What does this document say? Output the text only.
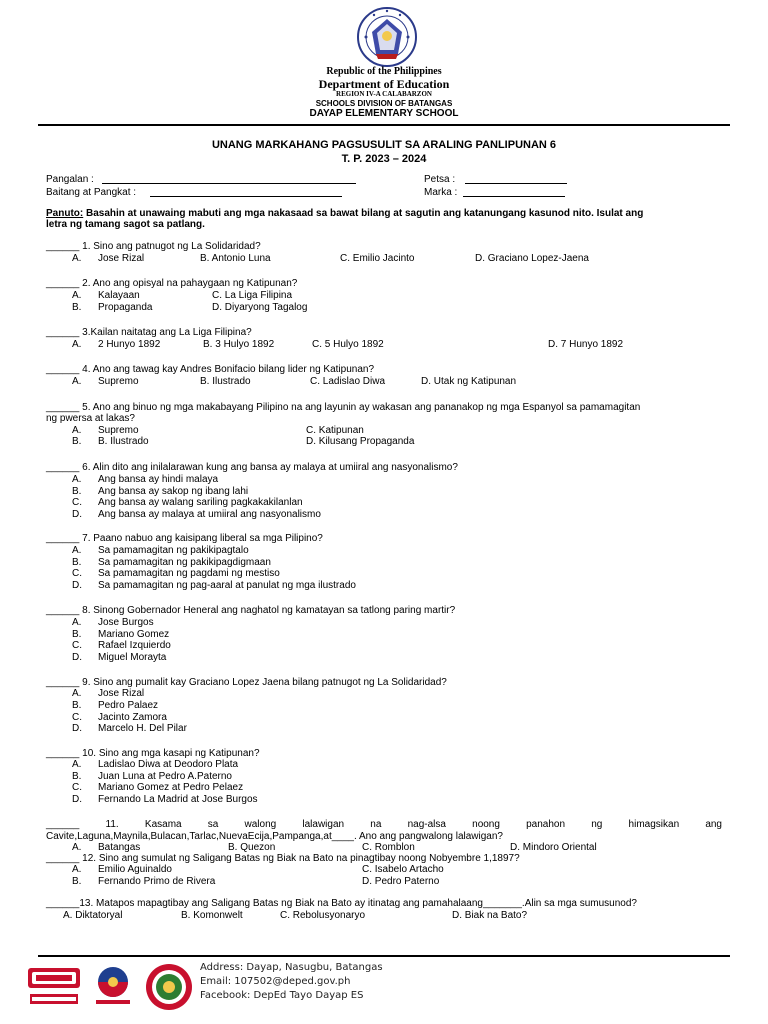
Republic of the Philippines
Department of Education
REGION IV-A CALABARZON
SCHOOLS DIVISION OF BATANGAS
DAYAP ELEMENTARY SCHOOL
UNANG MARKAHANG PAGSUSULIT SA ARALING PANLIPUNAN 6
T. P. 2023 – 2024
Pangalan :
Baitang at Pangkat :
Petsa :
Marka :
Panuto: Basahin at unawaing mabuti ang mga nakasaad sa bawat bilang at sagutin ang katanungang kasunod nito. Isulat ang
letra ng tamang sagot sa patlang.
______ 1. Sino ang patnugot ng La Solidaridad?
A. Jose Rizal	B. Antonio Luna	C. Emilio Jacinto	D. Graciano Lopez-Jaena
______ 2. Ano ang opisyal na pahaygaan ng Katipunan?
A. Kalayaan	C. La Liga Filipina
B. Propaganda	D. Diyaryong Tagalog
______ 3.Kailan naitatag ang La Liga Filipina?
A. 2 Hunyo 1892	B. 3 Hulyo 1892	C. 5 Hulyo 1892	D. 7 Hunyo 1892
______ 4. Ano ang tawag kay Andres Bonifacio bilang lider ng Katipunan?
A. Supremo	B. Ilustrado	C. Ladislao Diwa	D. Utak ng Katipunan
______ 5. Ano ang binuo ng mga makabayang Pilipino na ang layunin ay wakasan ang pananakop ng mga Espanyol sa pamamagitan
ng pwersa at lakas?
A. Supremo	C. Katipunan
B. B. Ilustrado	D. Kilusang Propaganda
______ 6. Alin dito ang inilalarawan kung ang bansa ay malaya at umiiral ang nasyonalismo?
A. Ang bansa ay hindi malaya
B. Ang bansa ay sakop ng ibang lahi
C. Ang bansa ay walang sariling pagkakakilanlan
D. Ang bansa ay malaya at umiiral ang nasyonalismo
______ 7. Paano nabuo ang kaisipang liberal sa mga Pilipino?
A. Sa pamamagitan ng pakikipagtalo
B. Sa pamamagitan ng pakikipagdigmaan
C. Sa pamamagitan ng pagdami ng mestiso
D. Sa pamamagitan ng pag-aaral at panulat ng mga ilustrado
______ 8. Sinong Gobernador Heneral ang naghatol ng kamatayan sa tatlong paring martir?
A. Jose Burgos
B. Mariano Gomez
C. Rafael Izquierdo
D. Miguel Morayta
______ 9. Sino ang pumalit kay Graciano Lopez Jaena bilang patnugot ng La Solidaridad?
A. Jose Rizal
B. Pedro Palaez
C. Jacinto Zamora
D. Marcelo H. Del Pilar
______ 10. Sino ang mga kasapi ng Katipunan?
A. Ladislao Diwa at Deodoro Plata
B. Juan Luna at Pedro A.Paterno
C. Mariano Gomez at Pedro Pelaez
D. Fernando La Madrid at Jose Burgos
______ 11. Kasama sa walong lalawigan na nag-alsa noong panahon ng himagsikan ang
Cavite,Laguna,Maynila,Bulacan,Tarlac,NuevaEcija,Pampanga,at____. Ano ang pangwalong lalawigan?
A. Batangas	B. Quezon	C. Romblon	D. Mindoro Oriental
______ 12. Sino ang sumulat ng Saligang Batas ng Biak na Bato na pinagtibay noong Nobyembre 1,1897?
A. Emilio Aguinaldo	C. Isabelo Artacho
B. Fernando Primo de Rivera	D. Pedro Paterno
______13. Matapos mapagtibay ang Saligang Batas ng Biak na Bato ay itinatag ang pamahalaang_______.Alin sa mga sumusunod?
A. Diktatoryal	B. Komonwelt	C. Rebolusyonaryo	D. Biak na Bato?
Address: Dayap, Nasugbu, Batangas
Email: 107502@deped.gov.ph
Facebook: DepEd Tayo Dayap ES
